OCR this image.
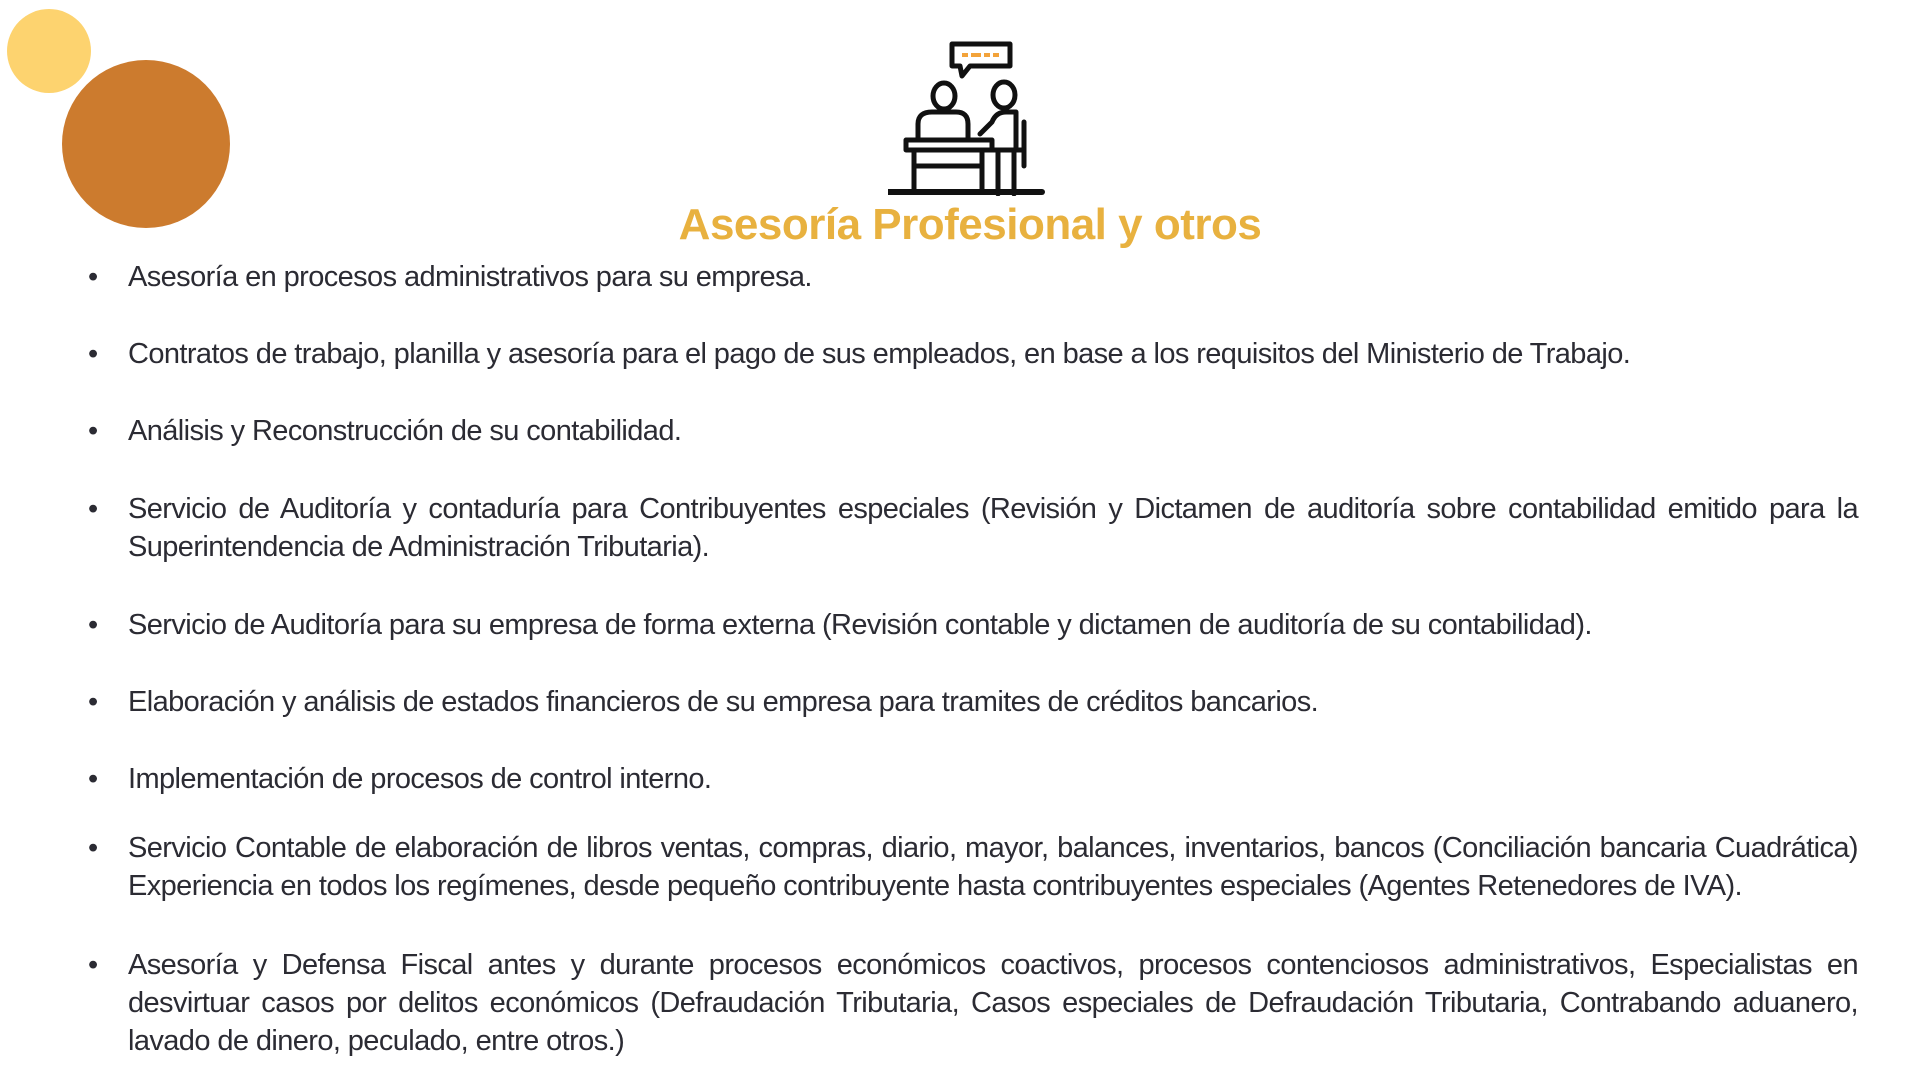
Asesoría Profesional y otros
•	Asesoría en procesos administrativos para su empresa.
•	Contratos de trabajo, planilla y asesoría para el pago de sus empleados, en base a los requisitos del Ministerio de Trabajo.
•	Análisis y Reconstrucción de su contabilidad.
•	Servicio de Auditoría y contaduría para Contribuyentes especiales (Revisión y Dictamen de auditoría sobre contabilidad emitido para la Superintendencia de Administración Tributaria).
•	Servicio de Auditoría para su empresa de forma externa (Revisión contable y dictamen de auditoría de su contabilidad).
•	Elaboración y análisis de estados financieros de su empresa para tramites de créditos bancarios.
•	Implementación de procesos de control interno.
•	Servicio Contable de elaboración de libros ventas, compras, diario, mayor, balances, inventarios, bancos (Conciliación bancaria Cuadrática) Experiencia en todos los regímenes, desde pequeño contribuyente hasta contribuyentes especiales (Agentes Retenedores de IVA).
•	Asesoría y Defensa Fiscal antes y durante procesos económicos coactivos, procesos contenciosos administrativos, Especialistas en desvirtuar casos por delitos económicos (Defraudación Tributaria, Casos especiales de Defraudación Tributaria, Contrabando aduanero, lavado de dinero, peculado, entre otros.)
